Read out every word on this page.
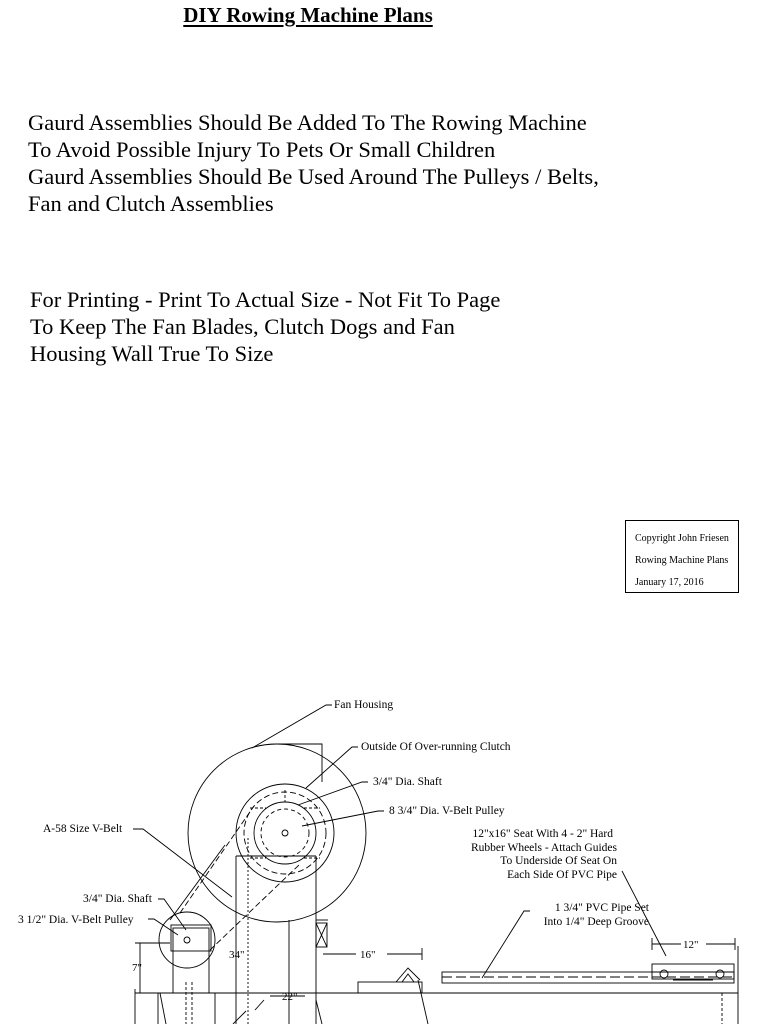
DIY Rowing Machine Plans
Gaurd Assemblies Should Be Added To The Rowing Machine
To Avoid Possible Injury To Pets Or Small Children
Gaurd Assemblies Should Be Used Around The Pulleys / Belts,
Fan and Clutch Assemblies
For Printing - Print To Actual Size - Not Fit To Page
To Keep The Fan Blades, Clutch Dogs and Fan
Housing Wall True To Size
Copyright John Friesen
Rowing Machine Plans
January 17, 2016
Fan Housing
Outside Of Over-running Clutch
3/4" Dia. Shaft
8 3/4" Dia. V-Belt Pulley
A-58 Size V-Belt	12"x16" Seat With 4 - 2" Hard
Rubber Wheels - Attach Guides
To Underside Of Seat On
Each Side Of PVC Pipe
3/4" Dia. Shaft
3 1/2" Dia. V-Belt Pulley
1 3/4" PVC Pipe Set
Into 1/4" Deep Groove
34"	16"
12"
7"
22"
